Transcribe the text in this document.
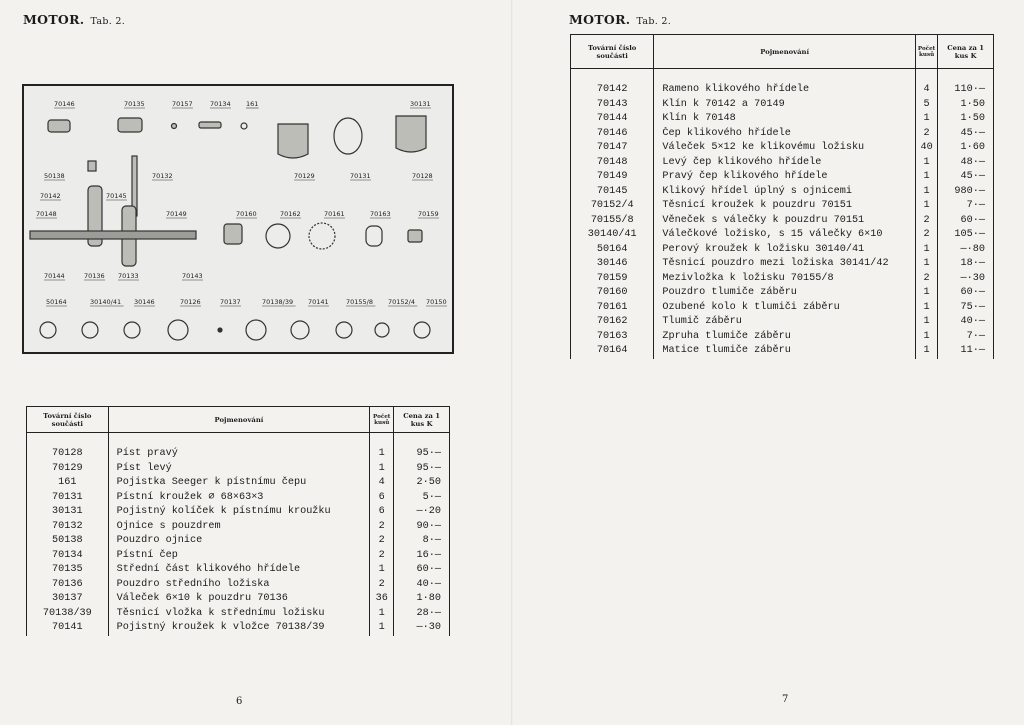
MOTOR. Tab. 2.
70146	70135	70157	70134 161	30131
50138	70132	70129	70131	70128
70142	70145
70148	70149	70160	70162	70161	70163	70159
70144	70136 70133	70143
50164	30140/41 30146	70126	70137	70138/39 70141	70155/8 70152/4 70150
Tovární číslo součásti	Pojmenování	Počet kusů	Cena za 1 kus K

70128	Píst pravý	1	95·—
70129	Píst levý	1	95·—
161	Pojistka Seeger k pístnímu čepu	4	2·50
70131	Pístní kroužek ⌀ 68×63×3	6	5·—
30131	Pojistný kolíček k pístnímu kroužku	6	—·20
70132	Ojnice s pouzdrem	2	90·—
50138	Pouzdro ojnice	2	8·—
70134	Pístní čep	2	16·—
70135	Střední část klikového hřídele	1	60·—
70136	Pouzdro středního ložiska	2	40·—
30137	Váleček 6×10 k pouzdru 70136	36	1·80
70138/39	Těsnicí vložka k střednímu ložisku	1	28·—
70141	Pojistný kroužek k vložce 70138/39	1	—·30
6
MOTOR. Tab. 2.
Tovární číslo součásti	Pojmenování	Počet kusů	Cena za 1 kus K

70142	Rameno klikového hřídele	4	110·—
70143	Klín k 70142 a 70149	5	1·50
70144	Klín k 70148	1	1·50
70146	Čep klikového hřídele	2	45·—
70147	Váleček 5×12 ke klikovému ložisku	40	1·60
70148	Levý čep klikového hřídele	1	48·—
70149	Pravý čep klikového hřídele	1	45·—
70145	Klikový hřídel úplný s ojnicemi	1	980·—
70152/4	Těsnicí kroužek k pouzdru 70151	1	7·—
70155/8	Věneček s válečky k pouzdru 70151	2	60·—
30140/41	Válečkové ložisko, s 15 válečky 6×10	2	105·—
50164	Perový kroužek k ložisku 30140/41	1	—·80
30146	Těsnicí pouzdro mezi ložiska 30141/42	1	18·—
70159	Mezivložka k ložisku 70155/8	2	—·30
70160	Pouzdro tlumiče záběru	1	60·—
70161	Ozubené kolo k tlumiči záběru	1	75·—
70162	Tlumič záběru	1	40·—
70163	Zpruha tlumiče záběru	1	7·—
70164	Matice tlumiče záběru	1	11·—
7
